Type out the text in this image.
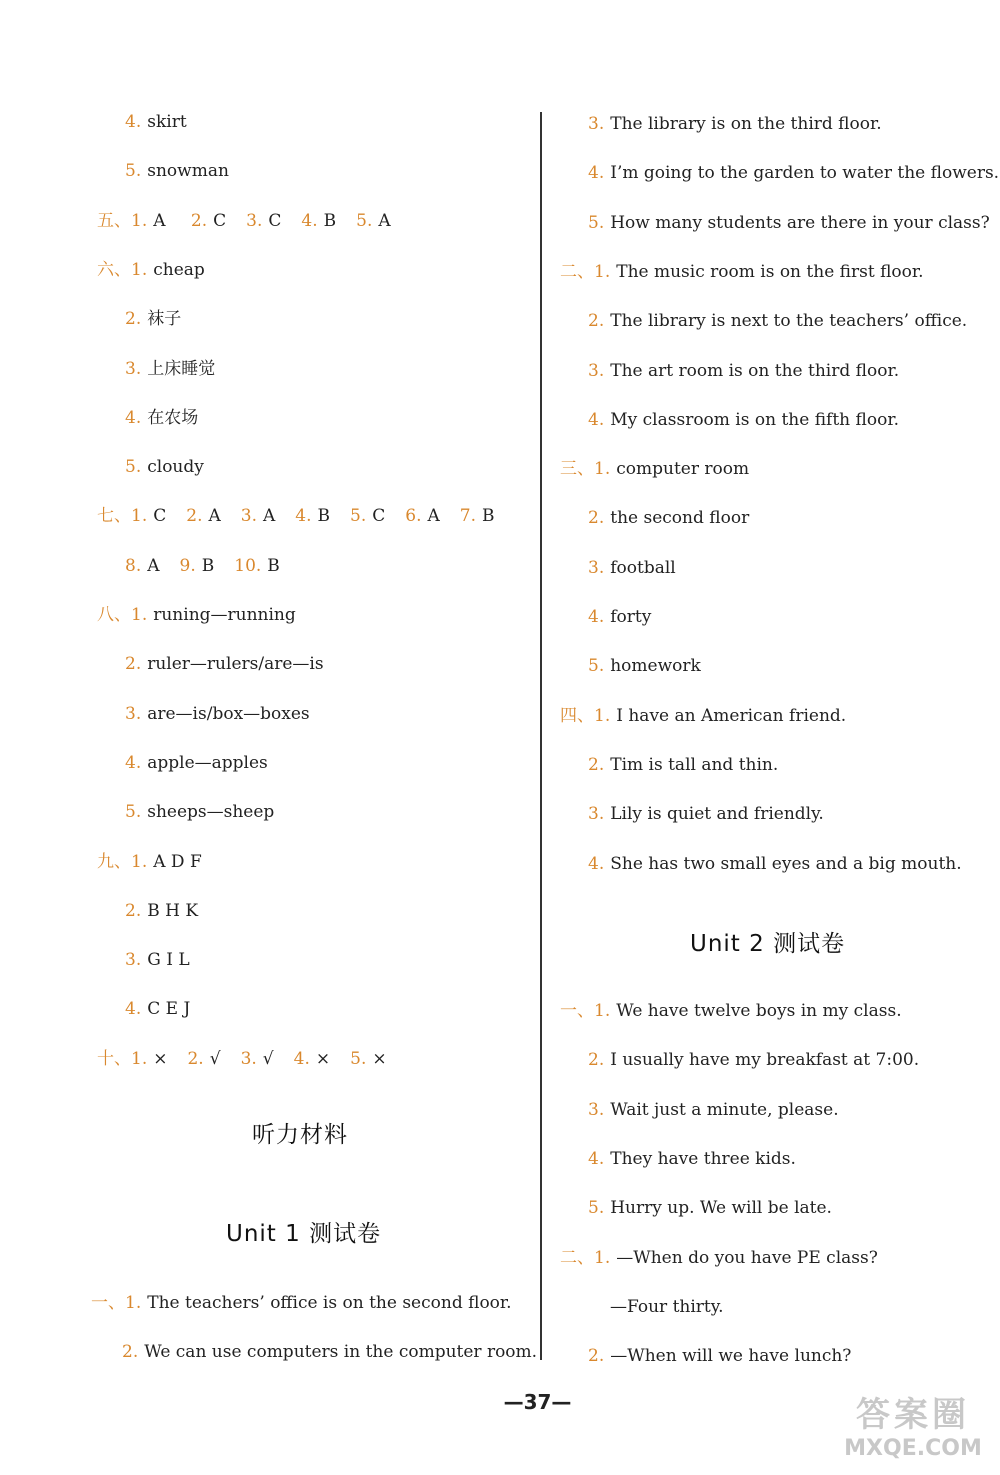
4. skirt
5. snowman
五、1. A 2. C 3. C 4. B 5. A
六、1. cheap
2. 袜子
3. 上床睡觉
4. 在农场
5. cloudy
七、1. C 2. A 3. A 4. B 5. C 6. A 7. B
8. A 9. B 10. B
八、1. runing—running
2. ruler—rulers/are—is
3. are—is/box—boxes
4. apple—apples
5. sheeps—sheep
九、1. A D F
2. B H K
3. G I L
4. C E J
十、1. × 2. √ 3. √ 4. × 5. ×
一、1. The teachers’ office is on the second floor.
2. We can use computers in the computer room.
3. The library is on the third floor.
4. I’m going to the garden to water the flowers.
5. How many students are there in your class?
二、1. The music room is on the first floor.
2. The library is next to the teachers’ office.
3. The art room is on the third floor.
4. My classroom is on the fifth floor.
三、1. computer room
2. the second floor
3. football
4. forty
5. homework
四、1. I have an American friend.
2. Tim is tall and thin.
3. Lily is quiet and friendly.
4. She has two small eyes and a big mouth.
一、1. We have twelve boys in my class.
2. I usually have my breakfast at 7:00.
3. Wait just a minute, please.
4. They have three kids.
5. Hurry up. We will be late.
二、1. —When do you have PE class?
—Four thirty.
2. —When will we have lunch?
听力材料
Unit 1 测试卷
Unit 2 测试卷
—37—	答案圈
MXQE.COM
